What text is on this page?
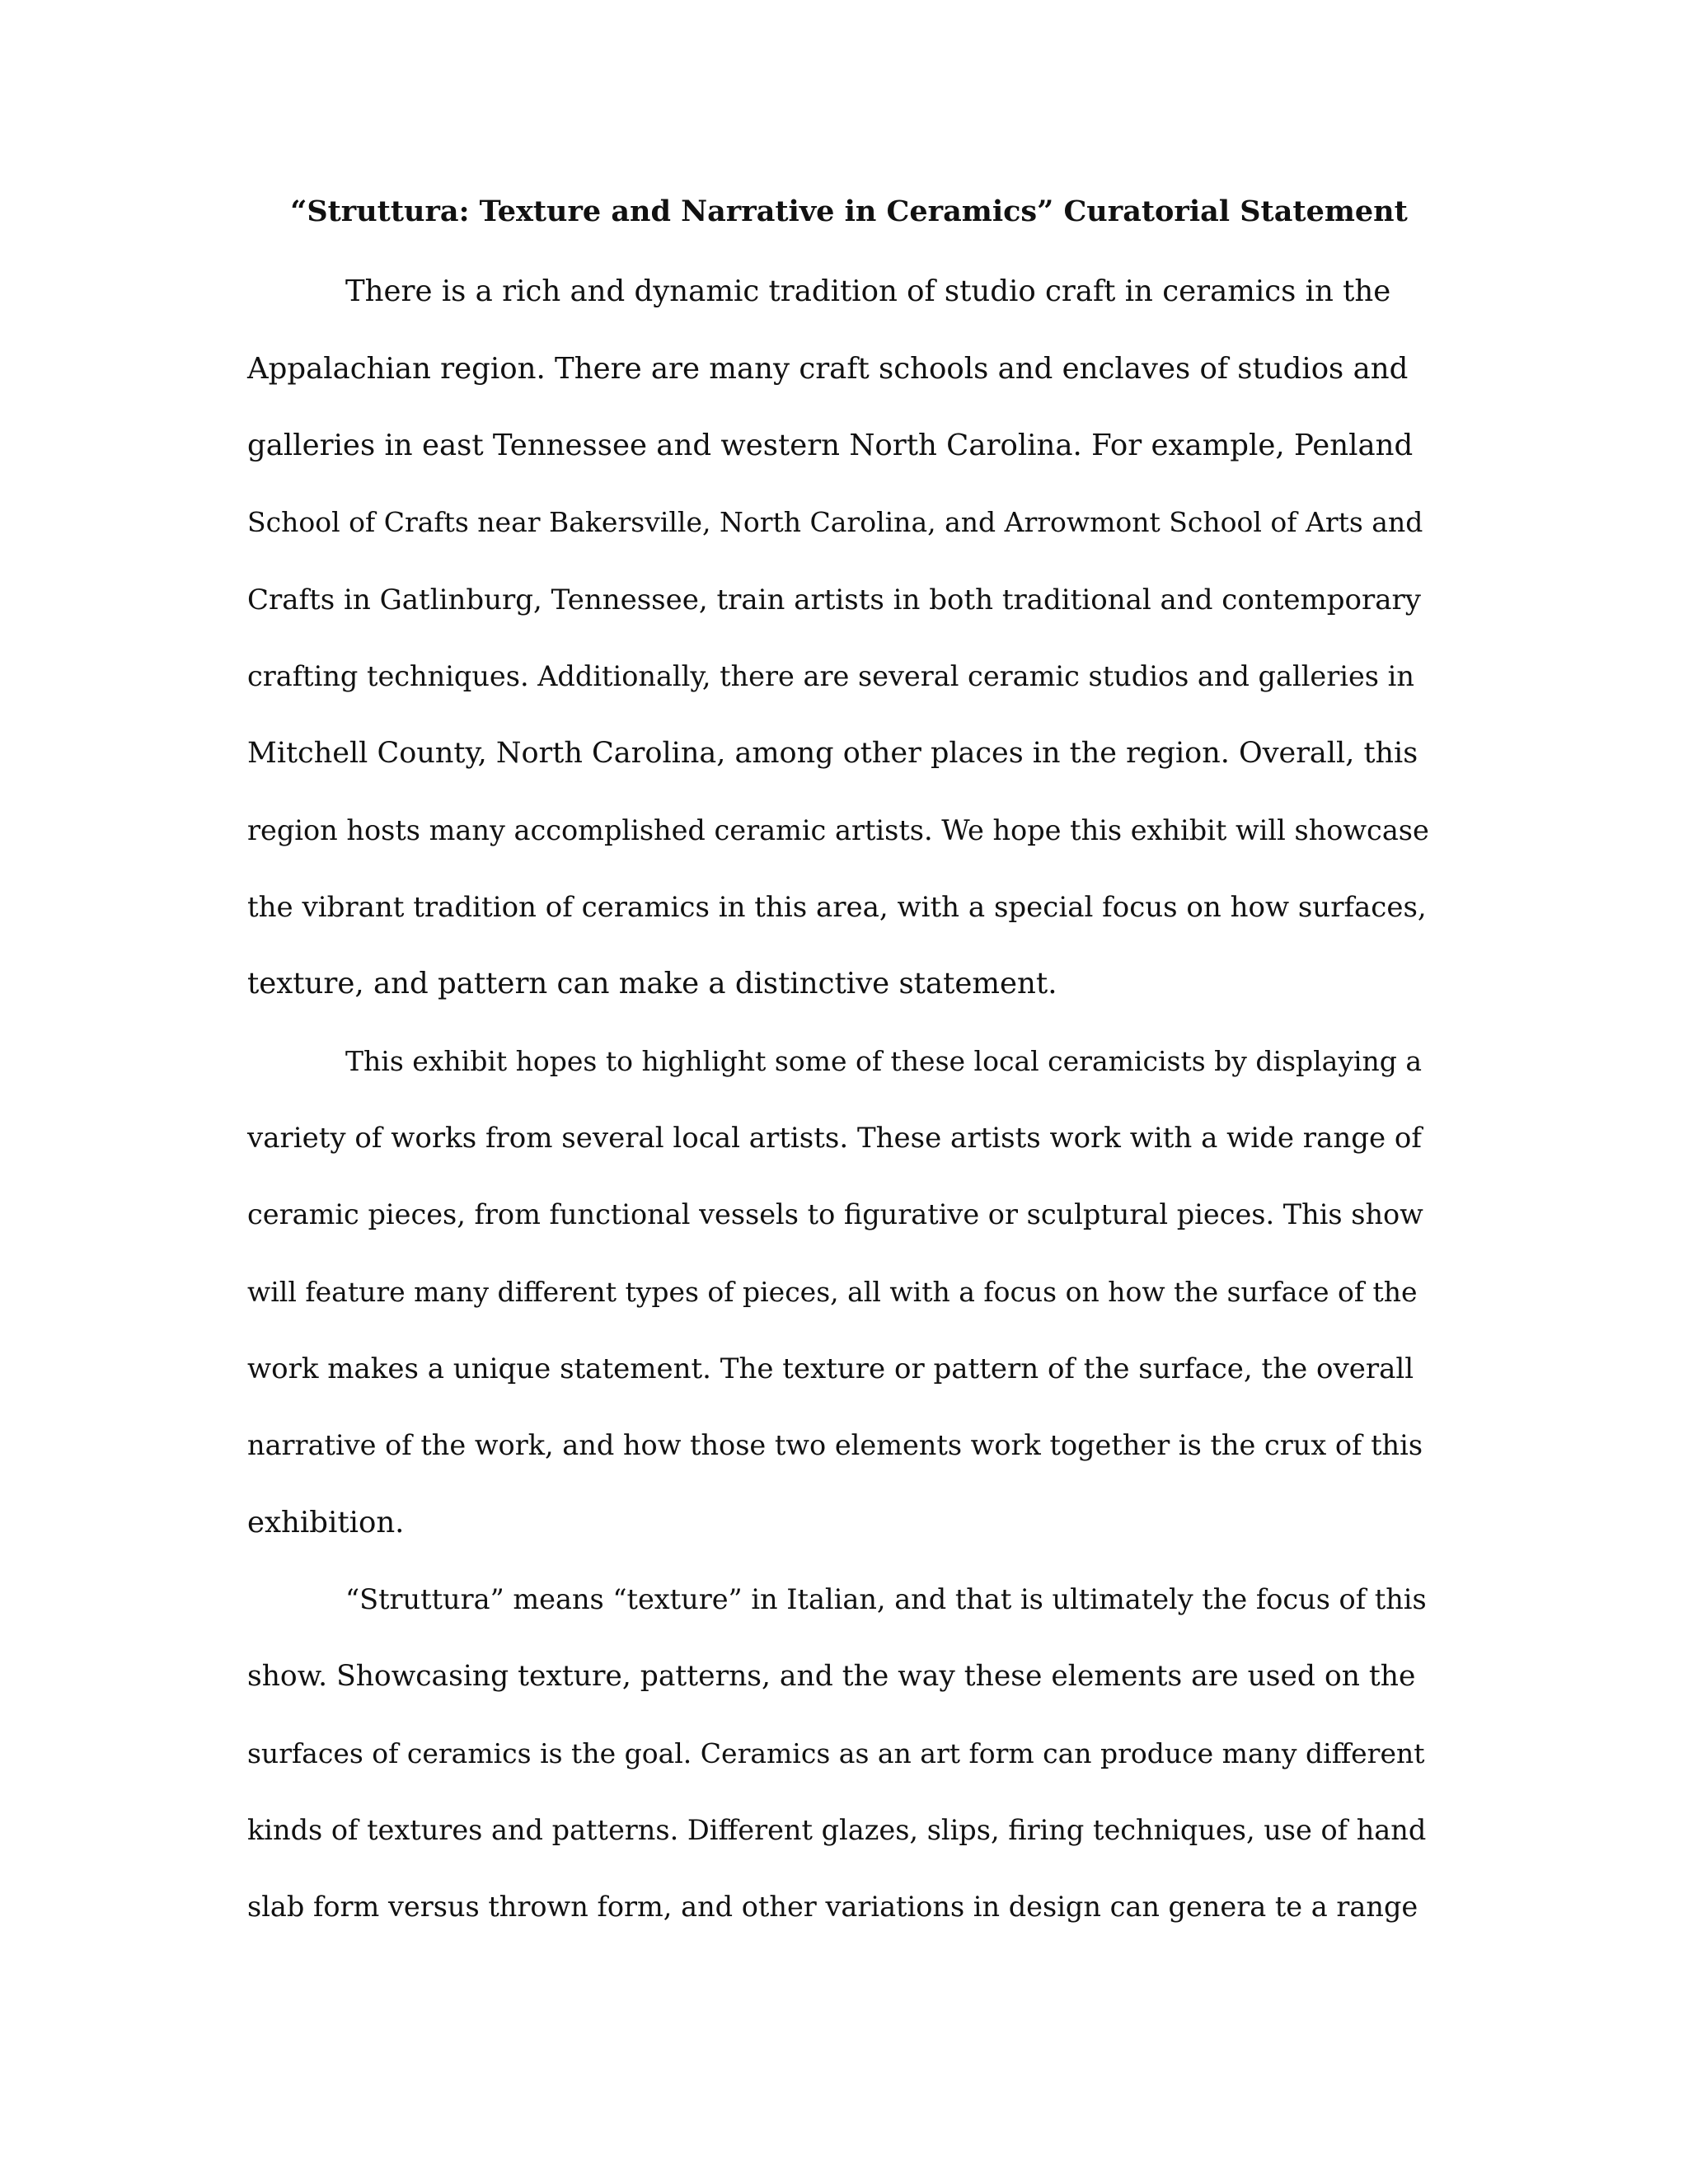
“Struttura: Texture and Narrative in Ceramics” Curatorial Statement

There is a rich and dynamic tradition of studio craft in ceramics in the

Appalachian region. There are many craft schools and enclaves of studios and

galleries in east Tennessee and western North Carolina. For example, Penland

School of Crafts near Bakersville, North Carolina, and Arrowmont School of Arts and

Crafts in Gatlinburg, Tennessee, train artists in both traditional and contemporary

crafting techniques. Additionally, there are several ceramic studios and galleries in

Mitchell County, North Carolina, among other places in the region. Overall, this

region hosts many accomplished ceramic artists. We hope this exhibit will showcase

the vibrant tradition of ceramics in this area, with a special focus on how surfaces,

texture, and pattern can make a distinctive statement.

This exhibit hopes to highlight some of these local ceramicists by displaying a

variety of works from several local artists. These artists work with a wide range of

ceramic pieces, from functional vessels to figurative or sculptural pieces. This show

will feature many different types of pieces, all with a focus on how the surface of the

work makes a unique statement. The texture or pattern of the surface, the overall

narrative of the work, and how those two elements work together is the crux of this

exhibition.

“Struttura” means “texture” in Italian, and that is ultimately the focus of this

show. Showcasing texture, patterns, and the way these elements are used on the

surfaces of ceramics is the goal. Ceramics as an art form can produce many different

kinds of textures and patterns. Different glazes, slips, firing techniques, use of hand

slab form versus thrown form, and other variations in design can genera te a range
